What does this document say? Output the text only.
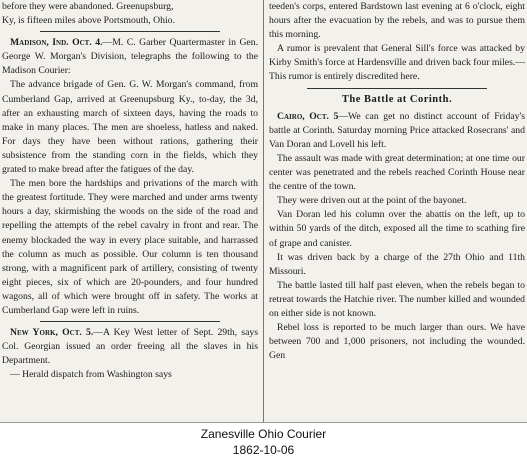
before they were abandoned. Greenupsburg,

Ky, is fifteen miles above Portsmouth, Ohio.

Madison, Ind. Oct. 4.—M. C. Garber Quartermaster in Gen. George W. Morgan's Division, telegraphs the following to the Madison Courier:

The advance brigade of Gen. G. W. Morgan's command, from Cumberland Gap, arrived at Greenupsburg Ky., to-day, the 3d, after an exhausting march of sixteen days, having the roads to make in many places. The men are shoeless, hatless and naked. For days they have been without rations, gathering their subsistence from the standing corn in the fields, which they grated to make bread after the fatigues of the day.

The men bore the hardships and privations of the march with the greatest fortitude. They were marched and under arms twenty hours a day, skirmishing the woods on the side of the road and repelling the attempts of the rebel cavalry in front and rear. The enemy blockaded the way in every place suitable, and harrassed the column as much as possible. Our column is ten thousand strong, with a magnificent park of artillery, consisting of twenty eight pieces, six of which are 20-pounders, and four hundred wagons, all of which were brought off in safety. The works at Cumberland Gap were left in ruins.

New York, Oct. 5.—A Key West letter of Sept. 29th, says Col. Georgian issued an order freeing all the slaves in his Department.

— Herald dispatch from Washington says

teeden's corps, entered Bardstown last evening at 6 o'clock, eight hours after the evacuation by the rebels, and was to pursue them this morning.

A rumor is prevalent that General Sill's force was attacked by Kirby Smith's force at Hardensville and driven back four miles.—This rumor is entirely discredited here.

The Battle at Corinth.

Cairo, Oct. 5—We can get no distinct account of Friday's battle at Corinth. Saturday morning Price attacked Rosecrans' and Van Doran and Lovell his left.

The assault was made with great determination; at one time our center was penetrated and the rebels reached Corinth House near the centre of the town.

They were driven out at the point of the bayonet.

Van Doran led his column over the abattis on the left, up to within 50 yards of the ditch, exposed all the time to scathing fire of grape and canister.

It was driven back by a charge of the 27th Ohio and 11th Missouri.

The battle lasted till half past eleven, when the rebels began to retreat towards the Hatchie river. The number killed and wounded on either side is not known.

Rebel loss is reported to be much larger than ours. We have between 700 and 1,000 prisoners, not including the wounded. Gen

Zanesville Ohio Courier
1862-10-06
